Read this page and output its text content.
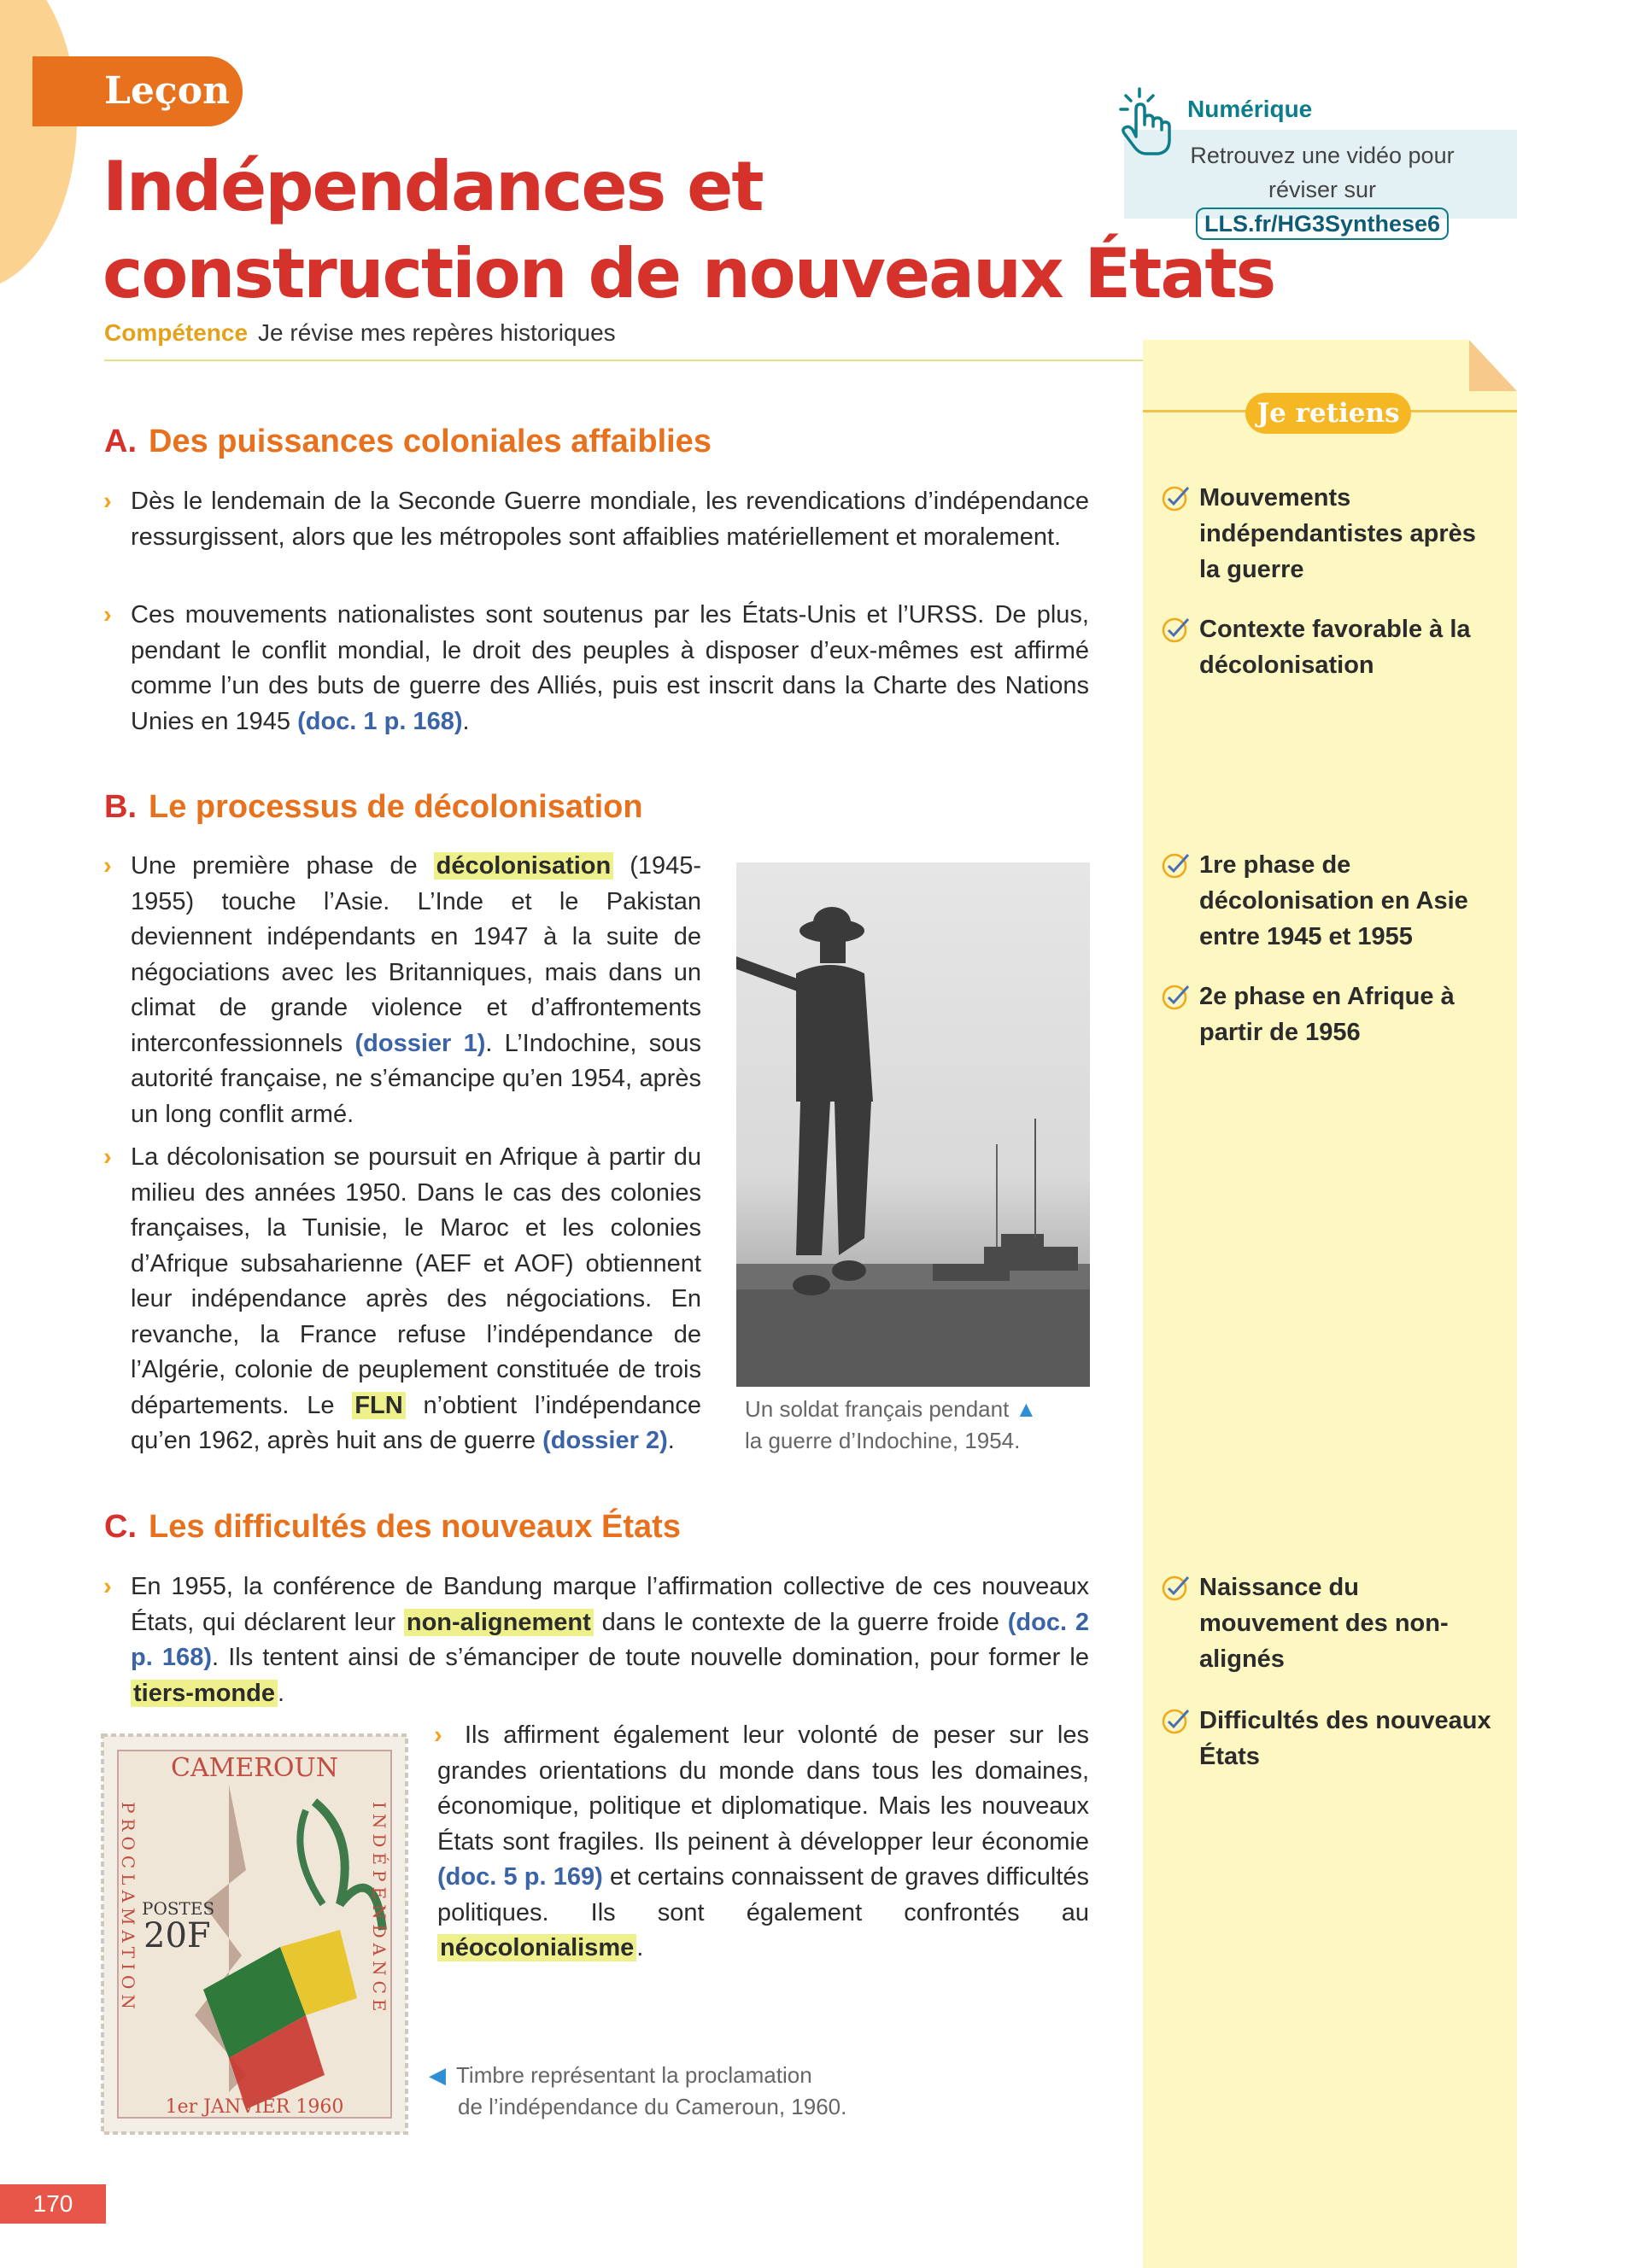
Leçon
Indépendances et
construction de nouveaux États
Compétence Je révise mes repères historiques
Numérique
Retrouvez une vidéo pour
réviser sur LLS.fr/HG3Synthese6
Je retiens
Mouvements indépendantistes après la guerre
Contexte favorable à la décolonisation
1re phase de décolonisation en Asie entre 1945 et 1955
2e phase en Afrique à partir de 1956
Naissance du mouvement des non-alignés
Difficultés des nouveaux États
A. Des puissances coloniales affaiblies
› Dès le lendemain de la Seconde Guerre mondiale, les revendications d’indépendance ressurgissent, alors que les métropoles sont affaiblies matériellement et moralement.
› Ces mouvements nationalistes sont soutenus par les États-Unis et l’URSS. De plus, pendant le conflit mondial, le droit des peuples à disposer d’eux-mêmes est affirmé comme l’un des buts de guerre des Alliés, puis est inscrit dans la Charte des Nations Unies en 1945 (doc. 1 p. 168).
B. Le processus de décolonisation
› Une première phase de décolonisation (1945-1955) touche l’Asie. L’Inde et le Pakistan deviennent indépendants en 1947 à la suite de négociations avec les Britanniques, mais dans un climat de grande violence et d’affrontements interconfessionnels (dossier 1). L’Indochine, sous autorité française, ne s’émancipe qu’en 1954, après un long conflit armé.
› La décolonisation se poursuit en Afrique à partir du milieu des années 1950. Dans le cas des colonies françaises, la Tunisie, le Maroc et les colonies d’Afrique subsaharienne (AEF et AOF) obtiennent leur indépendance après des négociations. En revanche, la France refuse l’indépendance de l’Algérie, colonie de peuplement constituée de trois départements. Le FLN n’obtient l’indépendance qu’en 1962, après huit ans de guerre (dossier 2).
Un soldat français pendant ▲
la guerre d’Indochine, 1954.
C. Les difficultés des nouveaux États
› En 1955, la conférence de Bandung marque l’affirmation collective de ces nouveaux États, qui déclarent leur non-alignement dans le contexte de la guerre froide (doc. 2 p. 168). Ils tentent ainsi de s’émanciper de toute nouvelle domination, pour former le tiers-monde .
› Ils affirment également leur volonté de peser sur les grandes orientations du monde dans tous les domaines, économique, politique et diplomatique. Mais les nouveaux États sont fragiles. Ils peinent à développer leur économie (doc. 5 p. 169) et certains connaissent de graves difficultés politiques. Ils sont également confrontés au néocolonialisme .
CAMEROUN
20F
POSTES
1er JANVIER 1960
PROCLAMATION	INDÉPENDANCE
◀ Timbre représentant la proclamation
de l’indépendance du Cameroun, 1960.
170
